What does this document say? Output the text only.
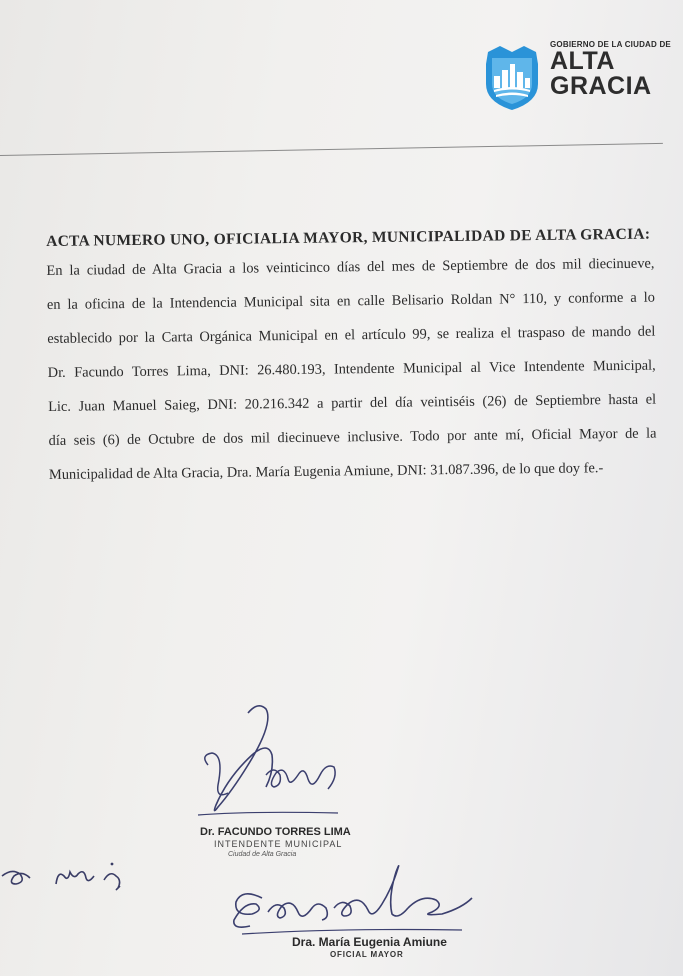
GOBIERNO DE LA CIUDAD DE
ALTA
GRACIA
ACTA NUMERO UNO, OFICIALIA MAYOR, MUNICIPALIDAD DE ALTA GRACIA:
En la ciudad de Alta Gracia a los veinticinco días del mes de Septiembre de dos mil diecinueve,
en la oficina de la Intendencia Municipal sita en calle Belisario Roldan N° 110, y conforme a lo
establecido por la Carta Orgánica Municipal en el artículo 99, se realiza el traspaso de mando del
Dr. Facundo Torres Lima, DNI: 26.480.193, Intendente Municipal al Vice Intendente Municipal,
Lic. Juan Manuel Saieg, DNI: 20.216.342 a partir del día veintiséis (26) de Septiembre hasta el
día seis (6) de Octubre de dos mil diecinueve inclusive. Todo por ante mí, Oficial Mayor de la
Municipalidad de Alta Gracia, Dra. María Eugenia Amiune, DNI: 31.087.396, de lo que doy fe.-
Dr. FACUNDO TORRES LIMA
INTENDENTE MUNICIPAL
Ciudad de Alta Gracia
Dra. María Eugenia Amiune
OFICIAL MAYOR
